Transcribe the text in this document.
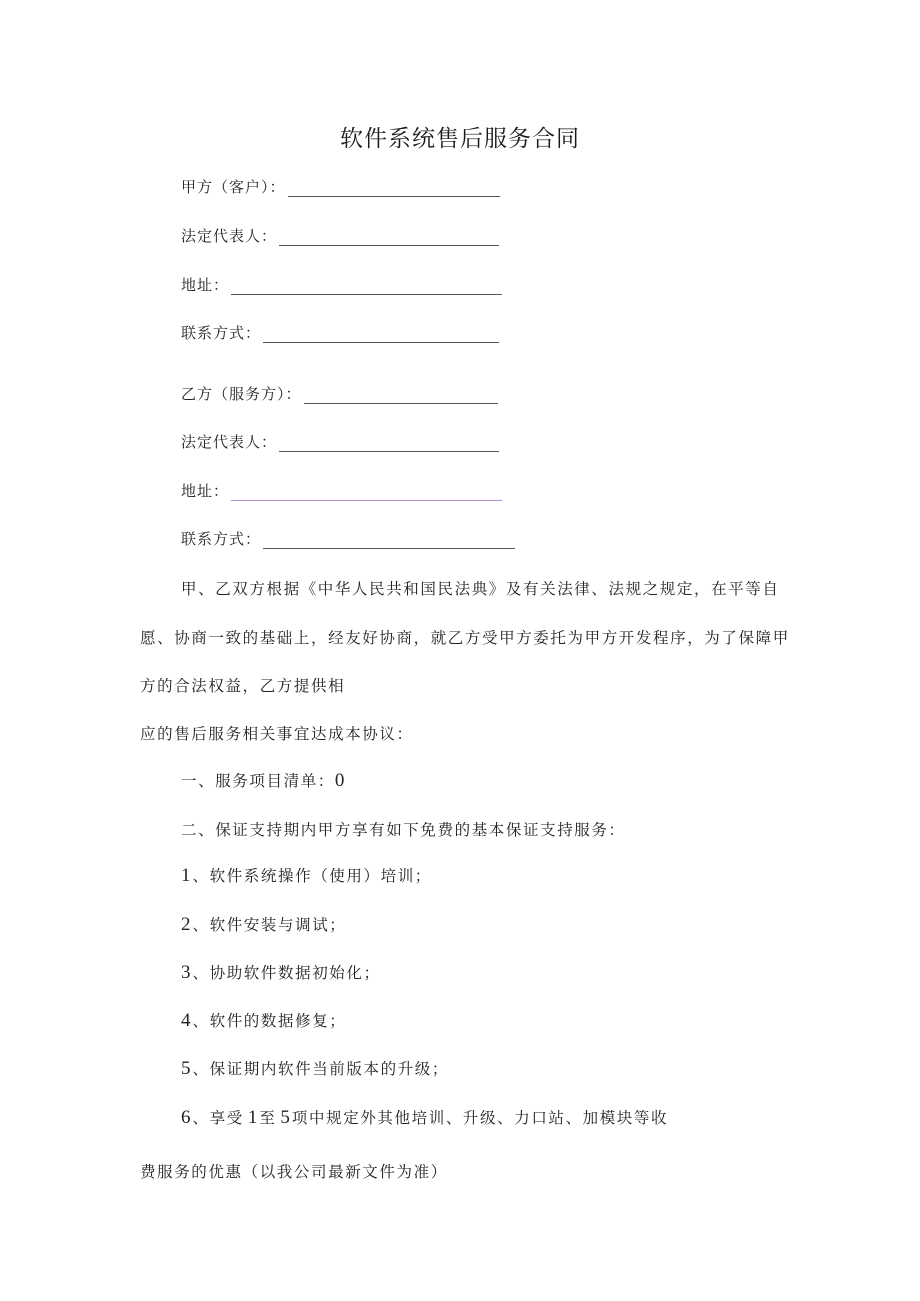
软件系统售后服务合同
甲方（客户）：
法定代表人：
地址：
联系方式：
乙方（服务方）：
法定代表人：
地址：
联系方式：
甲、乙双方根据《中华人民共和国民法典》及有关法律、法规之规定，在平等自
愿、协商一致的基础上，经友好协商，就乙方受甲方委托为甲方开发程序，为了保障甲
方的合法权益，乙方提供相
应的售后服务相关事宜达成本协议：
一、服务项目清单：0
二、保证支持期内甲方享有如下免费的基本保证支持服务：
1 、软件系统操作（使用）培训；
2 、软件安装与调试；
3 、协助软件数据初始化；
4 、软件的数据修复；
5 、保证期内软件当前版本的升级；
6 、享受 1 至 5 项中规定外其他培训、升级、力口站、加模块等收
费服务的优惠（以我公司最新文件为准）
